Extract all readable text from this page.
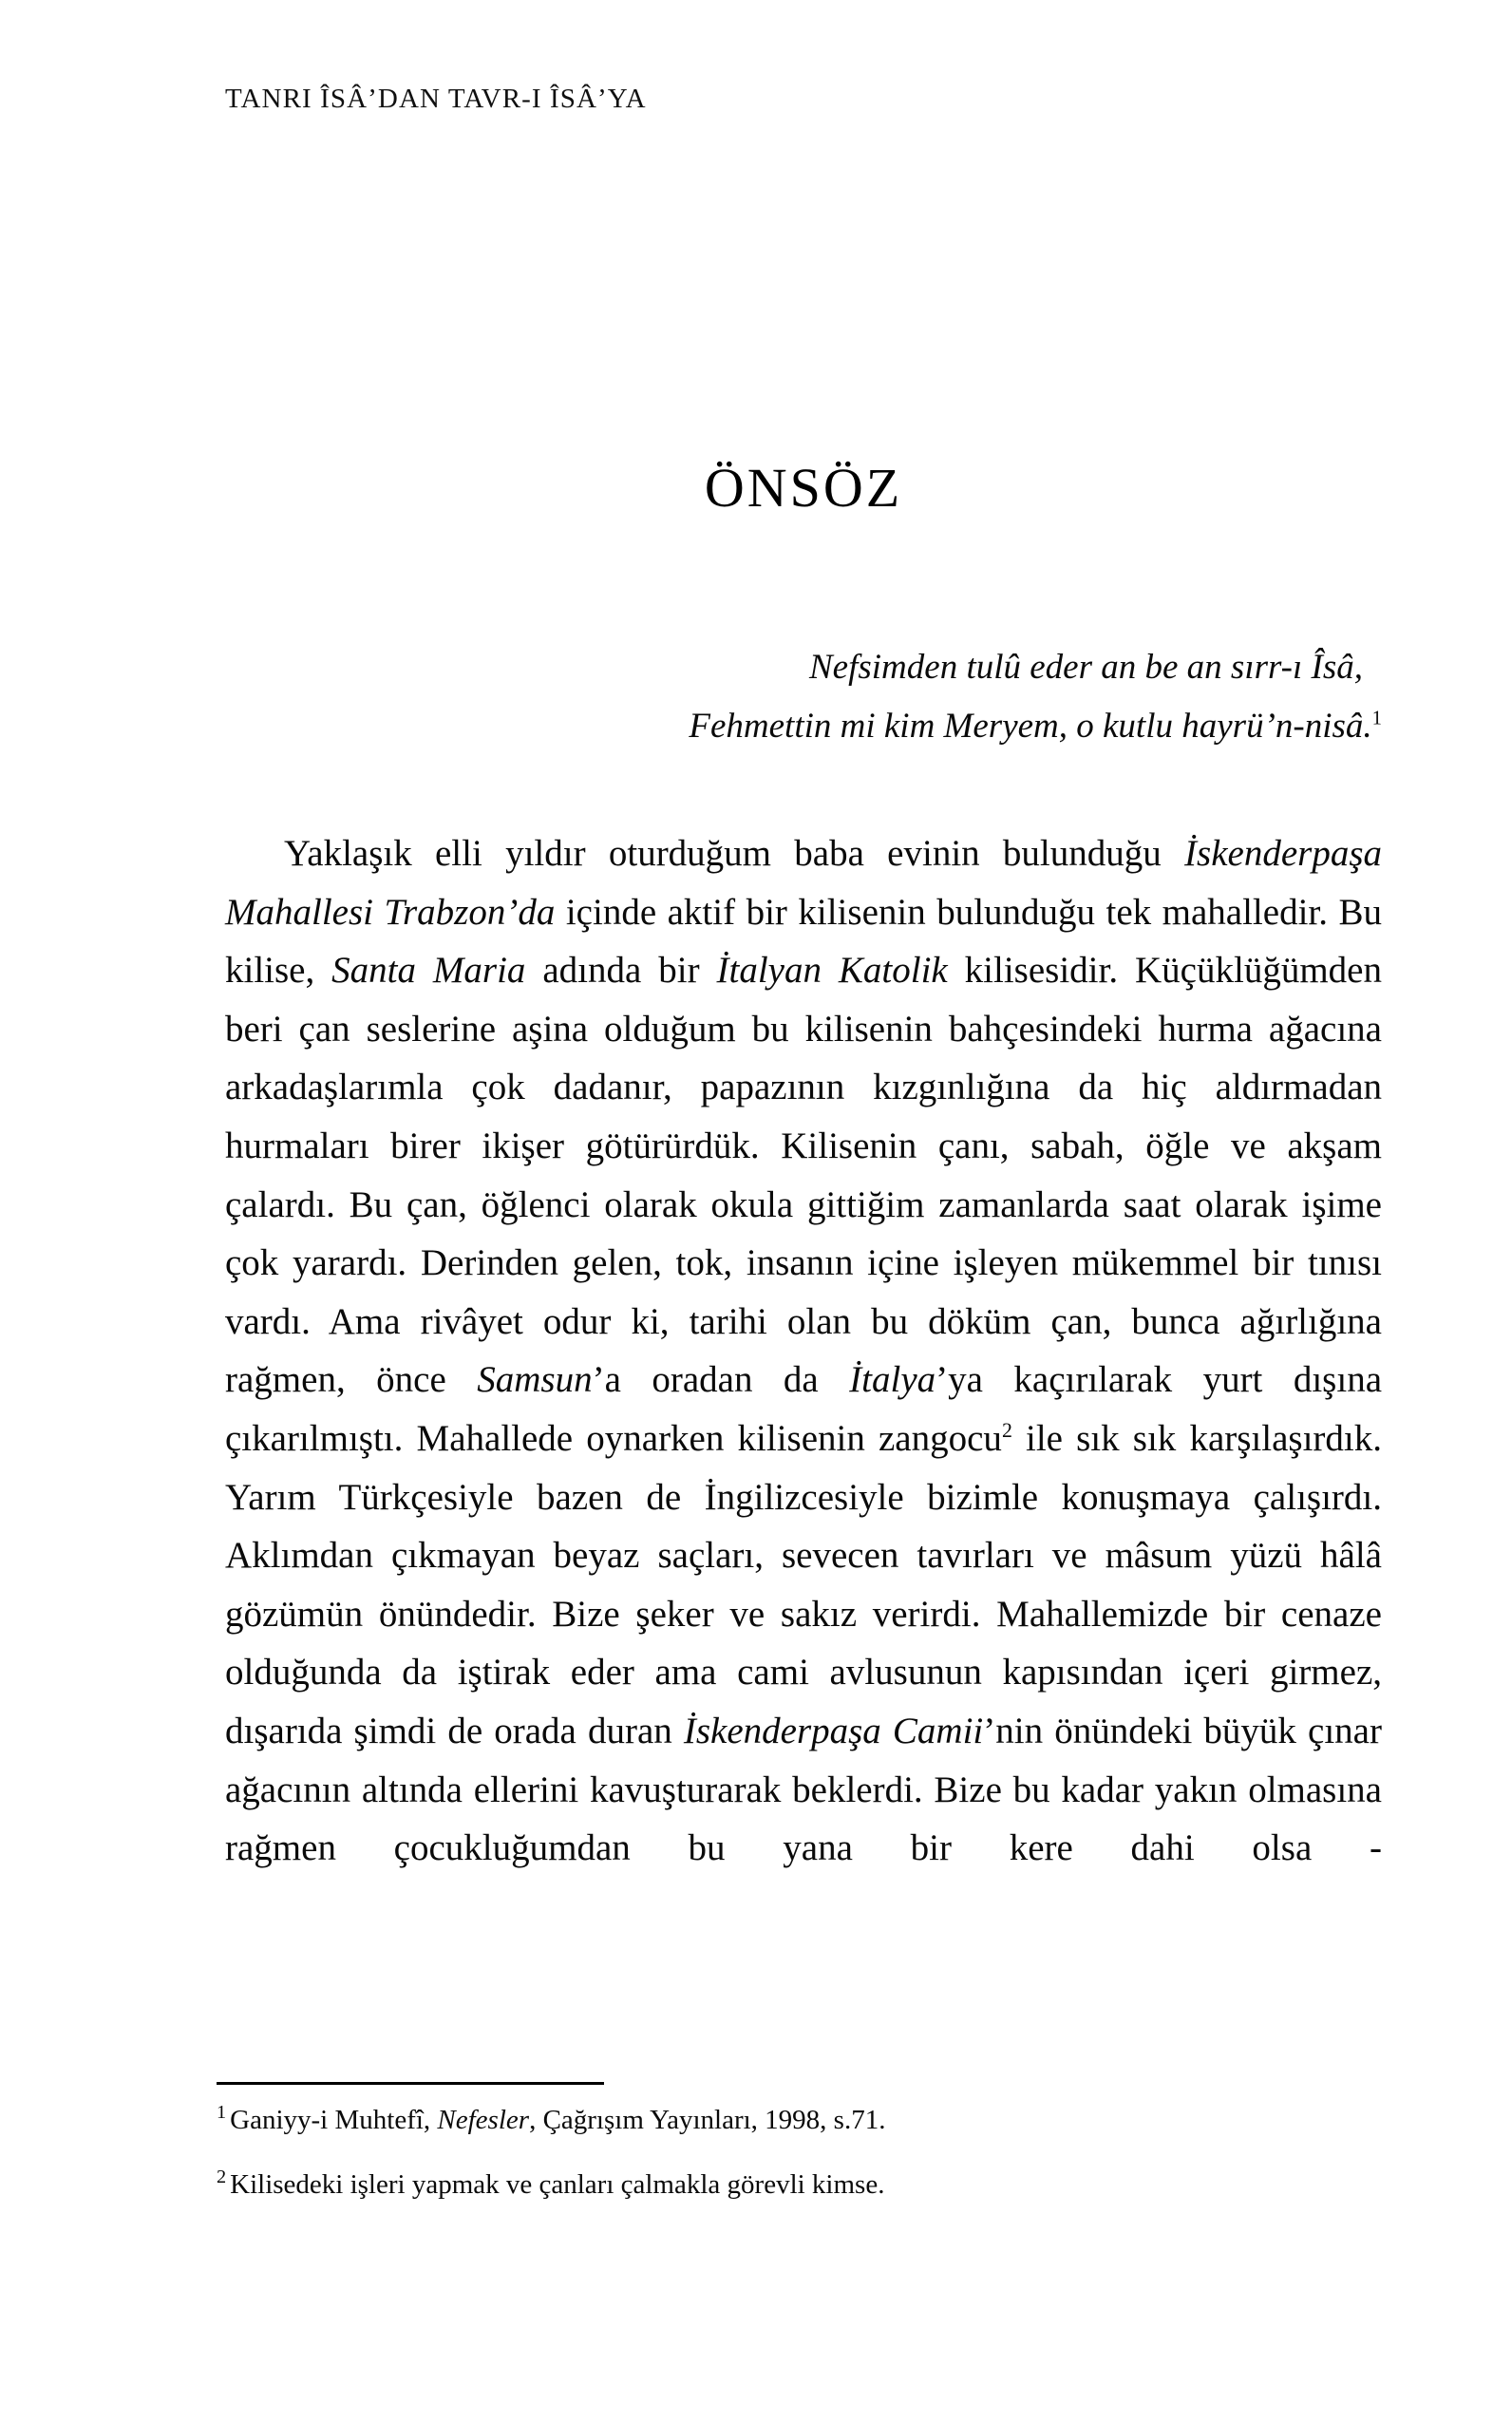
TANRI ÎSÂ’DAN TAVR-I ÎSÂ’YA
ÖNSÖZ
Nefsimden tulû eder an be an sırr-ı Îsâ,
Fehmettin mi kim Meryem, o kutlu hayrü’n-nisâ.$^1$

Yaklaşık elli yıldır oturduğum baba evinin bulunduğu İskenderpaşa Mahallesi Trabzon’da içinde aktif bir kilisenin bulunduğu tek mahalledir. Bu kilise, Santa Maria adında bir İtalyan Katolik kilisesidir. Küçüklüğümden beri çan seslerine aşina olduğum bu kilisenin bahçesindeki hurma ağacına arkadaşlarımla çok dadanır, papazının kızgınlığına da hiç aldırmadan hurmaları birer ikişer götürürdük. Kilisenin çanı, sabah, öğle ve akşam çalardı. Bu çan, öğlenci olarak okula gittiğim zamanlarda saat olarak işime çok yarardı. Derinden gelen, tok, insanın içine işleyen mükemmel bir tınısı vardı. Ama rivâyet odur ki, tarihi olan bu döküm çan, bunca ağırlığına rağmen, önce Samsun’a oradan da İtalya’ya kaçırılarak yurt dışına çıkarılmıştı. Mahallede oynarken kilisenin zangocu$^2$ ile sık sık karşılaşırdık. Yarım Türkçesiyle bazen de İngilizcesiyle bizimle konuşmaya çalışırdı. Aklımdan çıkmayan beyaz saçları, sevecen tavırları ve mâsum yüzü hâlâ gözümün önündedir. Bize şeker ve sakız verirdi. Mahallemizde bir cenaze olduğunda da iştirak eder ama cami avlusunun kapısından içeri girmez, dışarıda şimdi de orada duran İskenderpaşa Camii’nin önündeki büyük çınar ağacının altında ellerini kavuşturarak beklerdi. Bize bu kadar yakın olmasına rağmen çocukluğumdan bu yana bir kere dahi olsa -

$^1$ Ganiyy-i Muhtefî, Nefesler, Çağrışım Yayınları, 1998, s.71.

$^2$ Kilisedeki işleri yapmak ve çanları çalmakla görevli kimse.
